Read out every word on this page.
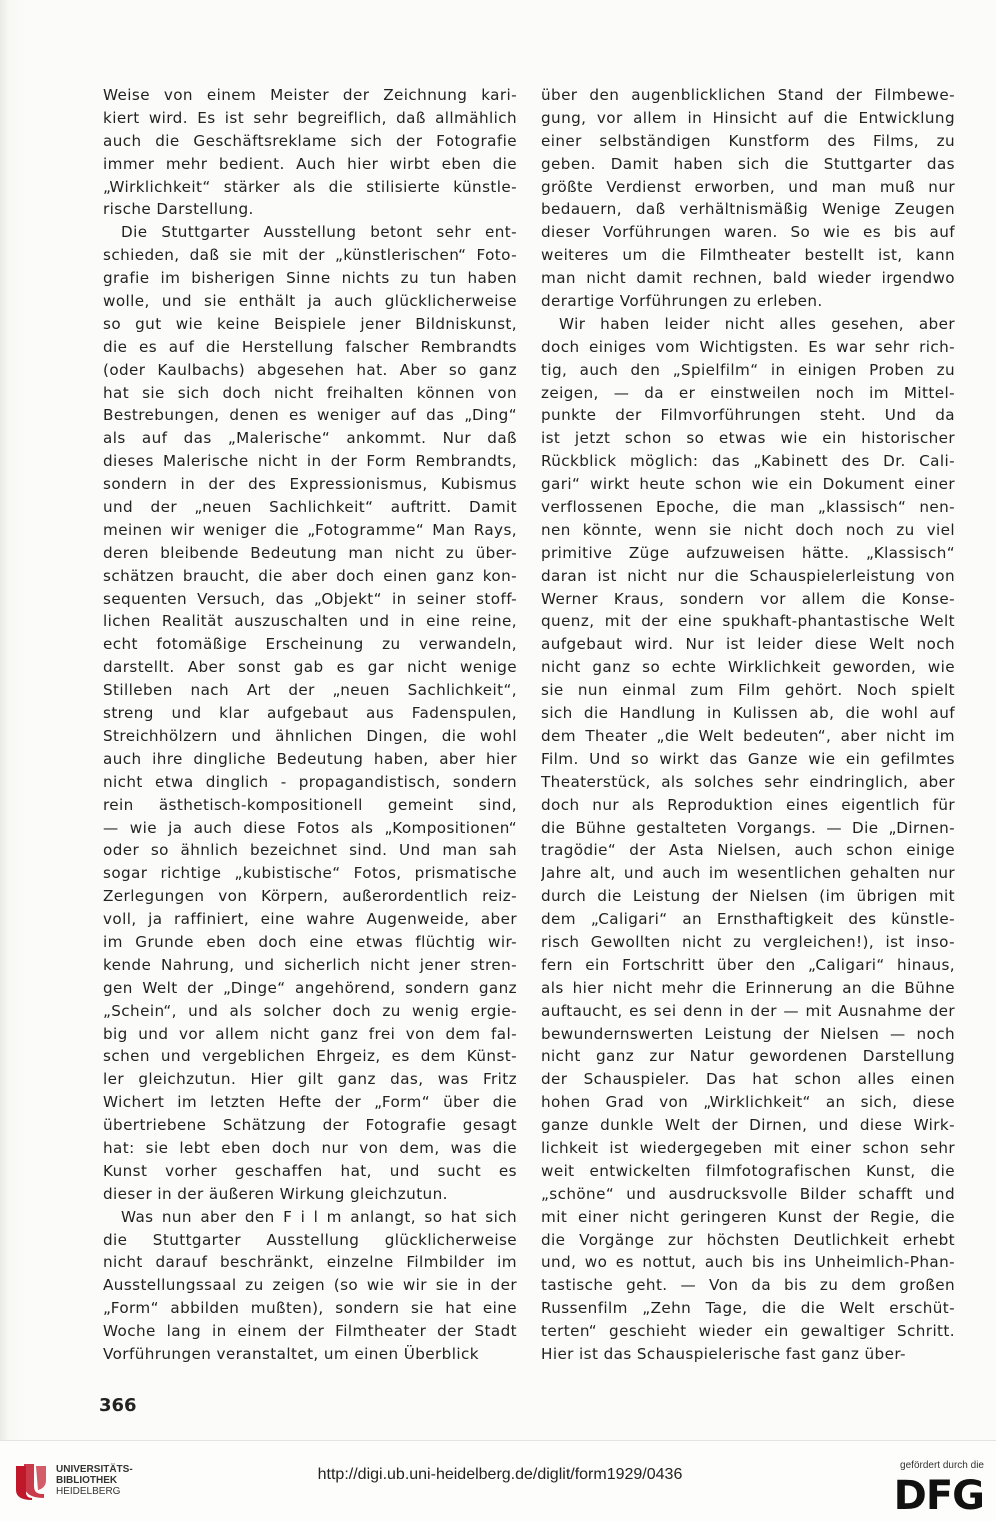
Weise von einem Meister der Zeichnung kari-
kiert wird. Es ist sehr begreiflich, daß allmählich
auch die Geschäftsreklame sich der Fotografie
immer mehr bedient. Auch hier wirbt eben die
„Wirklichkeit“ stärker als die stilisierte künstle-
rische Darstellung.
Die Stuttgarter Ausstellung betont sehr ent-
schieden, daß sie mit der „künstlerischen“ Foto-
grafie im bisherigen Sinne nichts zu tun haben
wolle, und sie enthält ja auch glücklicherweise
so gut wie keine Beispiele jener Bildniskunst,
die es auf die Herstellung falscher Rembrandts
(oder Kaulbachs) abgesehen hat. Aber so ganz
hat sie sich doch nicht freihalten können von
Bestrebungen, denen es weniger auf das „Ding“
als auf das „Malerische“ ankommt. Nur daß
dieses Malerische nicht in der Form Rembrandts,
sondern in der des Expressionismus, Kubismus
und der „neuen Sachlichkeit“ auftritt. Damit
meinen wir weniger die „Fotogramme“ Man Rays,
deren bleibende Bedeutung man nicht zu über-
schätzen braucht, die aber doch einen ganz kon-
sequenten Versuch, das „Objekt“ in seiner stoff-
lichen Realität auszuschalten und in eine reine,
echt fotomäßige Erscheinung zu verwandeln,
darstellt. Aber sonst gab es gar nicht wenige
Stilleben nach Art der „neuen Sachlichkeit“,
streng und klar aufgebaut aus Fadenspulen,
Streichhölzern und ähnlichen Dingen, die wohl
auch ihre dingliche Bedeutung haben, aber hier
nicht etwa dinglich - propagandistisch, sondern
rein ästhetisch-kompositionell gemeint sind,
— wie ja auch diese Fotos als „Kompositionen“
oder so ähnlich bezeichnet sind. Und man sah
sogar richtige „kubistische“ Fotos, prismatische
Zerlegungen von Körpern, außerordentlich reiz-
voll, ja raffiniert, eine wahre Augenweide, aber
im Grunde eben doch eine etwas flüchtig wir-
kende Nahrung, und sicherlich nicht jener stren-
gen Welt der „Dinge“ angehörend, sondern ganz
„Schein“, und als solcher doch zu wenig ergie-
big und vor allem nicht ganz frei von dem fal-
schen und vergeblichen Ehrgeiz, es dem Künst-
ler gleichzutun. Hier gilt ganz das, was Fritz
Wichert im letzten Hefte der „Form“ über die
übertriebene Schätzung der Fotografie gesagt
hat: sie lebt eben doch nur von dem, was die
Kunst vorher geschaffen hat, und sucht es
dieser in der äußeren Wirkung gleichzutun.
Was nun aber den F i l m anlangt, so hat sich
die Stuttgarter Ausstellung glücklicherweise
nicht darauf beschränkt, einzelne Filmbilder im
Ausstellungssaal zu zeigen (so wie wir sie in der
„Form“ abbilden mußten), sondern sie hat eine
Woche lang in einem der Filmtheater der Stadt
Vorführungen veranstaltet, um einen Überblick
über den augenblicklichen Stand der Filmbewe-
gung, vor allem in Hinsicht auf die Entwicklung
einer selbständigen Kunstform des Films, zu
geben. Damit haben sich die Stuttgarter das
größte Verdienst erworben, und man muß nur
bedauern, daß verhältnismäßig Wenige Zeugen
dieser Vorführungen waren. So wie es bis auf
weiteres um die Filmtheater bestellt ist, kann
man nicht damit rechnen, bald wieder irgendwo
derartige Vorführungen zu erleben.
Wir haben leider nicht alles gesehen, aber
doch einiges vom Wichtigsten. Es war sehr rich-
tig, auch den „Spielfilm“ in einigen Proben zu
zeigen, — da er einstweilen noch im Mittel-
punkte der Filmvorführungen steht. Und da
ist jetzt schon so etwas wie ein historischer
Rückblick möglich: das „Kabinett des Dr. Cali-
gari“ wirkt heute schon wie ein Dokument einer
verflossenen Epoche, die man „klassisch“ nen-
nen könnte, wenn sie nicht doch noch zu viel
primitive Züge aufzuweisen hätte. „Klassisch“
daran ist nicht nur die Schauspielerleistung von
Werner Kraus, sondern vor allem die Konse-
quenz, mit der eine spukhaft-phantastische Welt
aufgebaut wird. Nur ist leider diese Welt noch
nicht ganz so echte Wirklichkeit geworden, wie
sie nun einmal zum Film gehört. Noch spielt
sich die Handlung in Kulissen ab, die wohl auf
dem Theater „die Welt bedeuten“, aber nicht im
Film. Und so wirkt das Ganze wie ein gefilmtes
Theaterstück, als solches sehr eindringlich, aber
doch nur als Reproduktion eines eigentlich für
die Bühne gestalteten Vorgangs. — Die „Dirnen-
tragödie“ der Asta Nielsen, auch schon einige
Jahre alt, und auch im wesentlichen gehalten nur
durch die Leistung der Nielsen (im übrigen mit
dem „Caligari“ an Ernsthaftigkeit des künstle-
risch Gewollten nicht zu vergleichen!), ist inso-
fern ein Fortschritt über den „Caligari“ hinaus,
als hier nicht mehr die Erinnerung an die Bühne
auftaucht, es sei denn in der — mit Ausnahme der
bewundernswerten Leistung der Nielsen — noch
nicht ganz zur Natur gewordenen Darstellung
der Schauspieler. Das hat schon alles einen
hohen Grad von „Wirklichkeit“ an sich, diese
ganze dunkle Welt der Dirnen, und diese Wirk-
lichkeit ist wiedergegeben mit einer schon sehr
weit entwickelten filmfotografischen Kunst, die
„schöne“ und ausdrucksvolle Bilder schafft und
mit einer nicht geringeren Kunst der Regie, die
die Vorgänge zur höchsten Deutlichkeit erhebt
und, wo es nottut, auch bis ins Unheimlich-Phan-
tastische geht. — Von da bis zu dem großen
Russenfilm „Zehn Tage, die die Welt erschüt-
terten“ geschieht wieder ein gewaltiger Schritt.
Hier ist das Schauspielerische fast ganz über-
366
UNIVERSITÄTS-
BIBLIOTHEK
HEIDELBERG
http://digi.ub.uni-heidelberg.de/diglit/form1929/0436
gefördert durch die
DFG
